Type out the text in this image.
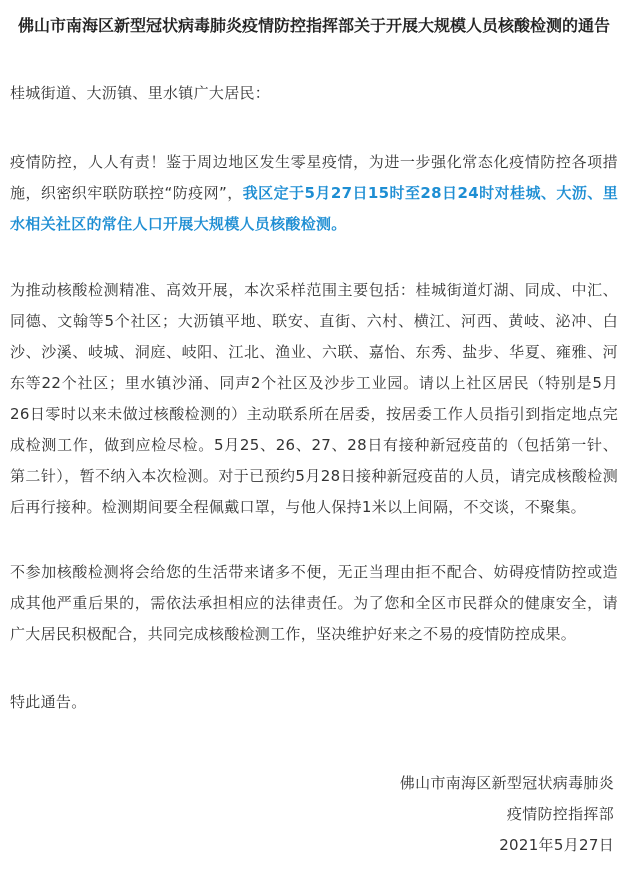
佛山市南海区新型冠状病毒肺炎疫情防控指挥部关于开展大规模人员核酸检测的通告

桂城街道、大沥镇、里水镇广大居民：

疫情防控，人人有责！鉴于周边地区发生零星疫情，为进一步强化常态化疫情防控各项措施，织密织牢联防联控“防疫网”，我区定于5月27日15时至28日24时对桂城、大沥、里水相关社区的常住人口开展大规模人员核酸检测。

为推动核酸检测精准、高效开展，本次采样范围主要包括：桂城街道灯湖、同成、中汇、同德、文翰等5个社区；大沥镇平地、联安、直街、六村、横江、河西、黄岐、泌冲、白沙、沙溪、岐城、洞庭、岐阳、江北、渔业、六联、嘉怡、东秀、盐步、华夏、雍雅、河东等22个社区；里水镇沙涌、同声2个社区及沙步工业园。请以上社区居民（特别是5月26日零时以来未做过核酸检测的）主动联系所在居委，按居委工作人员指引到指定地点完成检测工作，做到应检尽检。5月25、26、27、28日有接种新冠疫苗的（包括第一针、第二针），暂不纳入本次检测。对于已预约5月28日接种新冠疫苗的人员，请完成核酸检测后再行接种。检测期间要全程佩戴口罩，与他人保持1米以上间隔，不交谈，不聚集。

不参加核酸检测将会给您的生活带来诸多不便，无正当理由拒不配合、妨碍疫情防控或造成其他严重后果的，需依法承担相应的法律责任。为了您和全区市民群众的健康安全，请广大居民积极配合，共同完成核酸检测工作，坚决维护好来之不易的疫情防控成果。

特此通告。

佛山市南海区新型冠状病毒肺炎
疫情防控指挥部
2021年5月27日
